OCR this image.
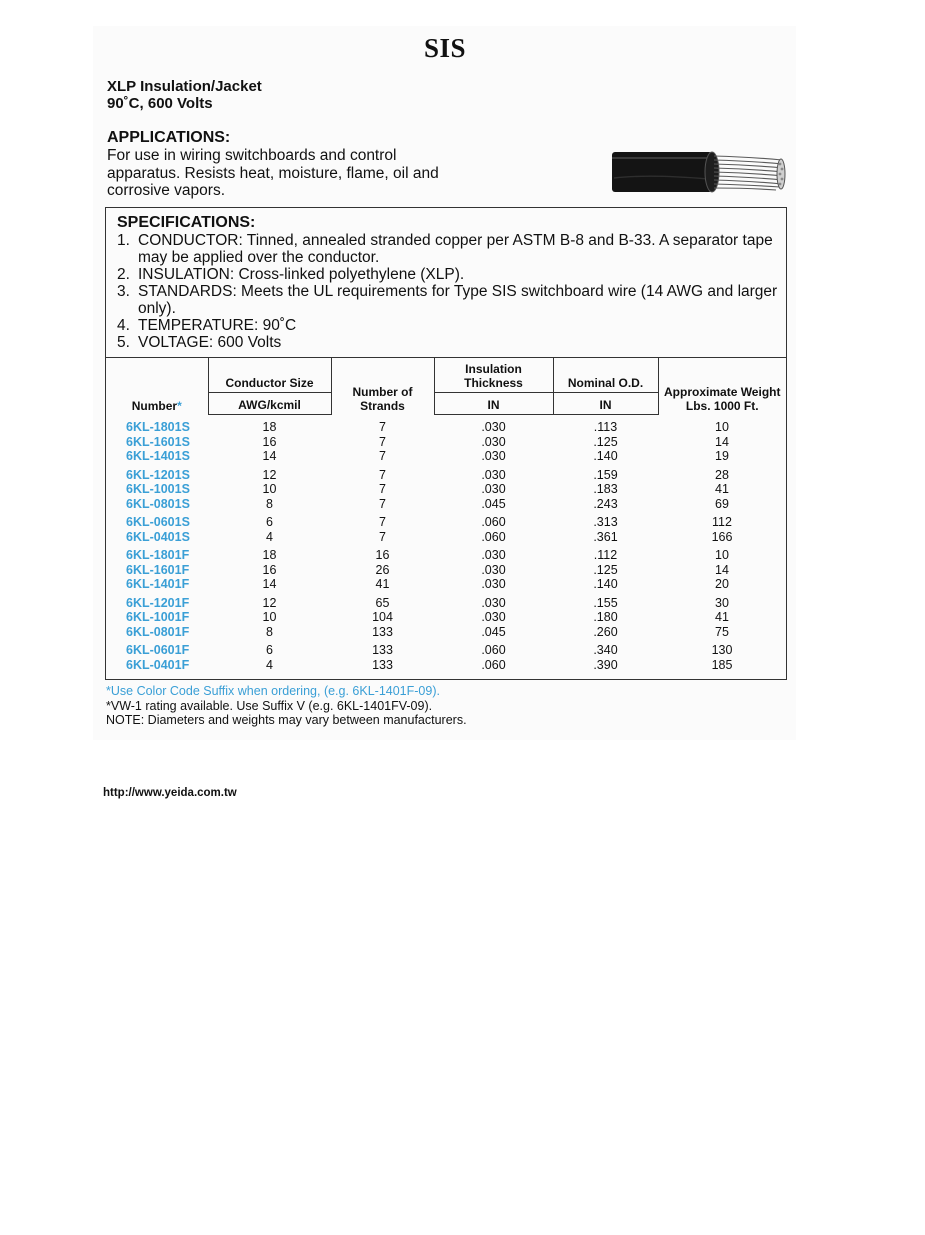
SIS
XLP Insulation/Jacket
90˚C, 600 Volts
APPLICATIONS:
For use in wiring switchboards and control apparatus. Resists heat, moisture, flame, oil and corrosive vapors.
SPECIFICATIONS:
1. CONDUCTOR: Tinned, annealed stranded copper per ASTM B-8 and B-33. A separator tape may be applied over the conductor.
2. INSULATION: Cross-linked polyethylene (XLP).
3. STANDARDS: Meets the UL requirements for Type SIS switchboard wire (14 AWG and larger only).
4. TEMPERATURE: 90˚C
5. VOLTAGE: 600 Volts
Number*	Conductor Size	Number of Strands	Insulation Thickness	Nominal O.D.	Approximate Weight Lbs. 1000 Ft.
	AWG/kcmil		IN	IN	
6KL-1801S	18	7	.030	.113	10
6KL-1601S	16	7	.030	.125	14
6KL-1401S	14	7	.030	.140	19
6KL-1201S	12	7	.030	.159	28
6KL-1001S	10	7	.030	.183	41
6KL-0801S	8	7	.045	.243	69
6KL-0601S	6	7	.060	.313	112
6KL-0401S	4	7	.060	.361	166
6KL-1801F	18	16	.030	.112	10
6KL-1601F	16	26	.030	.125	14
6KL-1401F	14	41	.030	.140	20
6KL-1201F	12	65	.030	.155	30
6KL-1001F	10	104	.030	.180	41
6KL-0801F	8	133	.045	.260	75
6KL-0601F	6	133	.060	.340	130
6KL-0401F	4	133	.060	.390	185
*Use Color Code Suffix when ordering, (e.g. 6KL-1401F-09).
*VW-1 rating available. Use Suffix V (e.g. 6KL-1401FV-09).
NOTE: Diameters and weights may vary between manufacturers.
http://www.yeida.com.tw
